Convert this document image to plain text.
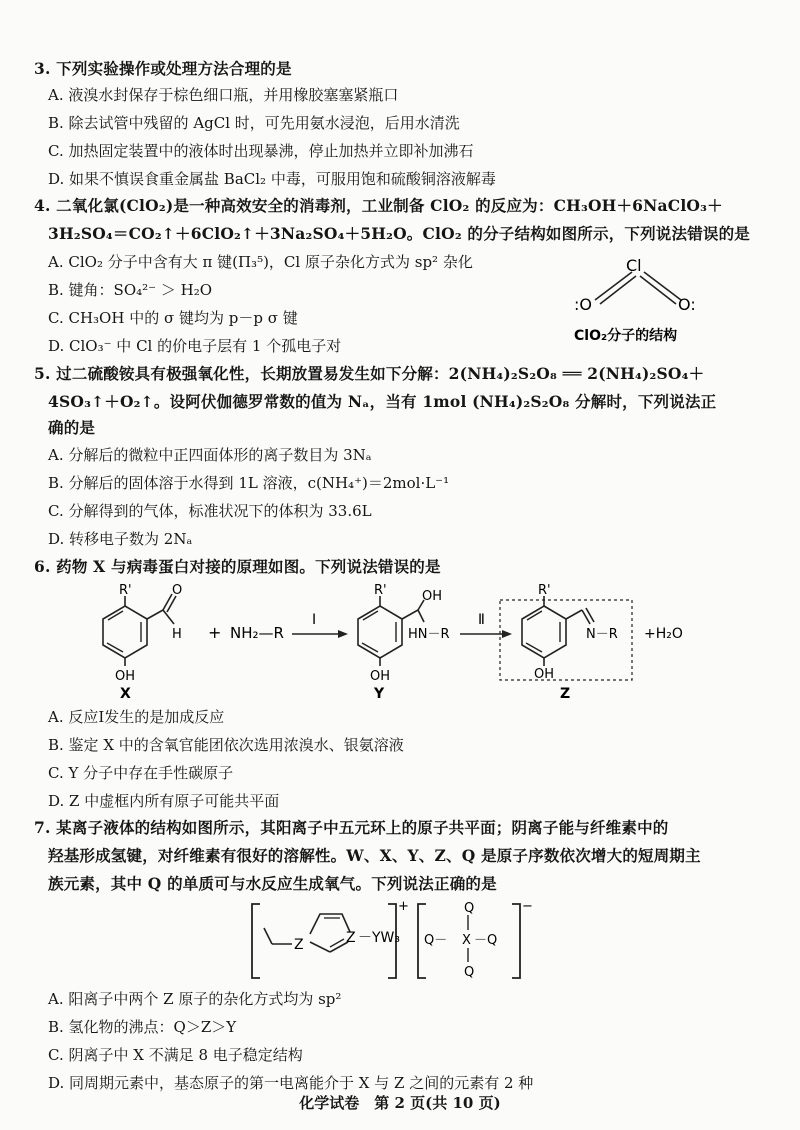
3. 下列实验操作或处理方法合理的是
A. 液溴水封保存于棕色细口瓶，并用橡胶塞塞紧瓶口
B. 除去试管中残留的 AgCl 时，可先用氨水浸泡，后用水清洗
C. 加热固定装置中的液体时出现暴沸，停止加热并立即补加沸石
D. 如果不慎误食重金属盐 BaCl₂ 中毒，可服用饱和硫酸铜溶液解毒
4. 二氧化氯(ClO₂)是一种高效安全的消毒剂，工业制备 ClO₂ 的反应为：CH₃OH＋6NaClO₃＋
3H₂SO₄＝CO₂↑＋6ClO₂↑＋3Na₂SO₄＋5H₂O。ClO₂ 的分子结构如图所示，下列说法错误的是
A. ClO₂ 分子中含有大 π 键(Π₃⁵)，Cl 原子杂化方式为 sp² 杂化
B. 键角：SO₄²⁻ ＞ H₂O
C. CH₃OH 中的 σ 键均为 p－p σ 键
D. ClO₃⁻ 中 Cl 的价电子层有 1 个孤电子对
Cl
:O	O:
ClO₂分子的结构
5. 过二硫酸铵具有极强氧化性，长期放置易发生如下分解：2(NH₄)₂S₂O₈ ══ 2(NH₄)₂SO₄＋
4SO₃↑＋O₂↑。设阿伏伽德罗常数的值为 Nₐ，当有 1mol (NH₄)₂S₂O₈ 分解时，下列说法正
确的是
A. 分解后的微粒中正四面体形的离子数目为 3Nₐ
B. 分解后的固体溶于水得到 1L 溶液，c(NH₄⁺)＝2mol·L⁻¹
C. 分解得到的气体，标准状况下的体积为 33.6L
D. 转移电子数为 2Nₐ
6. 药物 X 与病毒蛋白对接的原理如图。下列说法错误的是
R'	O
H
OH
X
+ NH₂—R
Ⅰ
R'	OH
HN－R
OH
Y
Ⅱ
R'
N－R
OH
Z
+H₂O
A. 反应Ⅰ发生的是加成反应
B. 鉴定 X 中的含氧官能团依次选用浓溴水、银氨溶液
C. Y 分子中存在手性碳原子
D. Z 中虚框内所有原子可能共平面
7. 某离子液体的结构如图所示，其阳离子中五元环上的原子共平面；阴离子能与纤维素中的
羟基形成氢键，对纤维素有很好的溶解性。W、X、Y、Z、Q 是原子序数依次增大的短周期主
族元素，其中 Q 的单质可与水反应生成氧气。下列说法正确的是
+
Z	Z －YW₃
−
Q
Q－ X －Q
Q
A. 阳离子中两个 Z 原子的杂化方式均为 sp²
B. 氢化物的沸点：Q＞Z＞Y
C. 阴离子中 X 不满足 8 电子稳定结构
D. 同周期元素中，基态原子的第一电离能介于 X 与 Z 之间的元素有 2 种
化学试卷　第 2 页(共 10 页)
